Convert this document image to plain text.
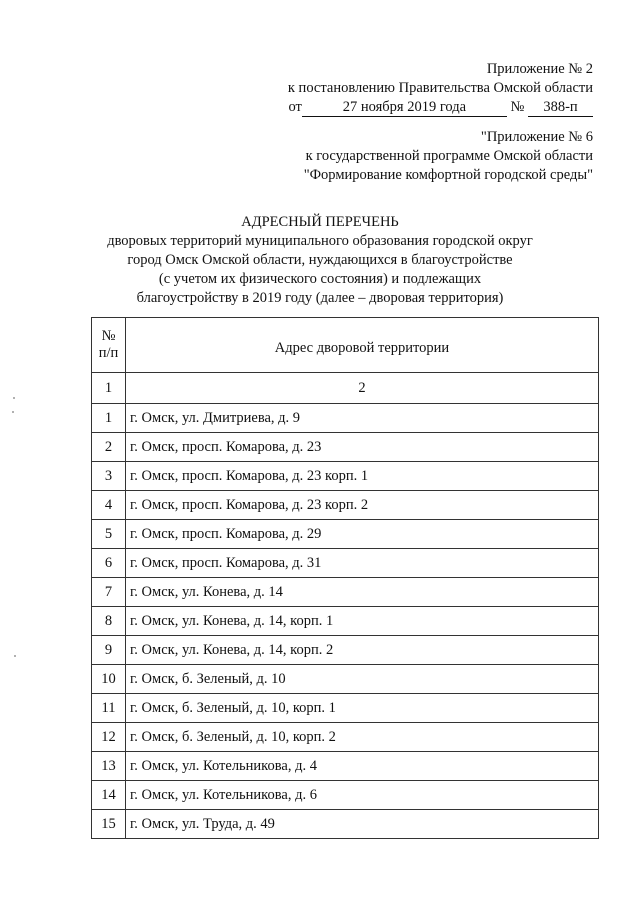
Приложение № 2
к постановлению Правительства Омской области
от	27 ноября 2019 года	№ 388-п
"Приложение № 6
к государственной программе Омской области
"Формирование комфортной городской среды"
АДРЕСНЫЙ ПЕРЕЧЕНЬ
дворовых территорий муниципального образования городской округ
город Омск Омской области, нуждающихся в благоустройстве
(с учетом их физического состояния) и подлежащих
благоустройству в 2019 году (далее – дворовая территория)
№
п/п	Адрес дворовой территории
1	2
1	г. Омск, ул. Дмитриева, д. 9
2	г. Омск, просп. Комарова, д. 23
3	г. Омск, просп. Комарова, д. 23 корп. 1
4	г. Омск, просп. Комарова, д. 23 корп. 2
5	г. Омск, просп. Комарова, д. 29
6	г. Омск, просп. Комарова, д. 31
7	г. Омск, ул. Конева, д. 14
8	г. Омск, ул. Конева, д. 14, корп. 1
9	г. Омск, ул. Конева, д. 14, корп. 2
10	г. Омск, б. Зеленый, д. 10
11	г. Омск, б. Зеленый, д. 10, корп. 1
12	г. Омск, б. Зеленый, д. 10, корп. 2
13	г. Омск, ул. Котельникова, д. 4
14	г. Омск, ул. Котельникова, д. 6
15	г. Омск, ул. Труда, д. 49
